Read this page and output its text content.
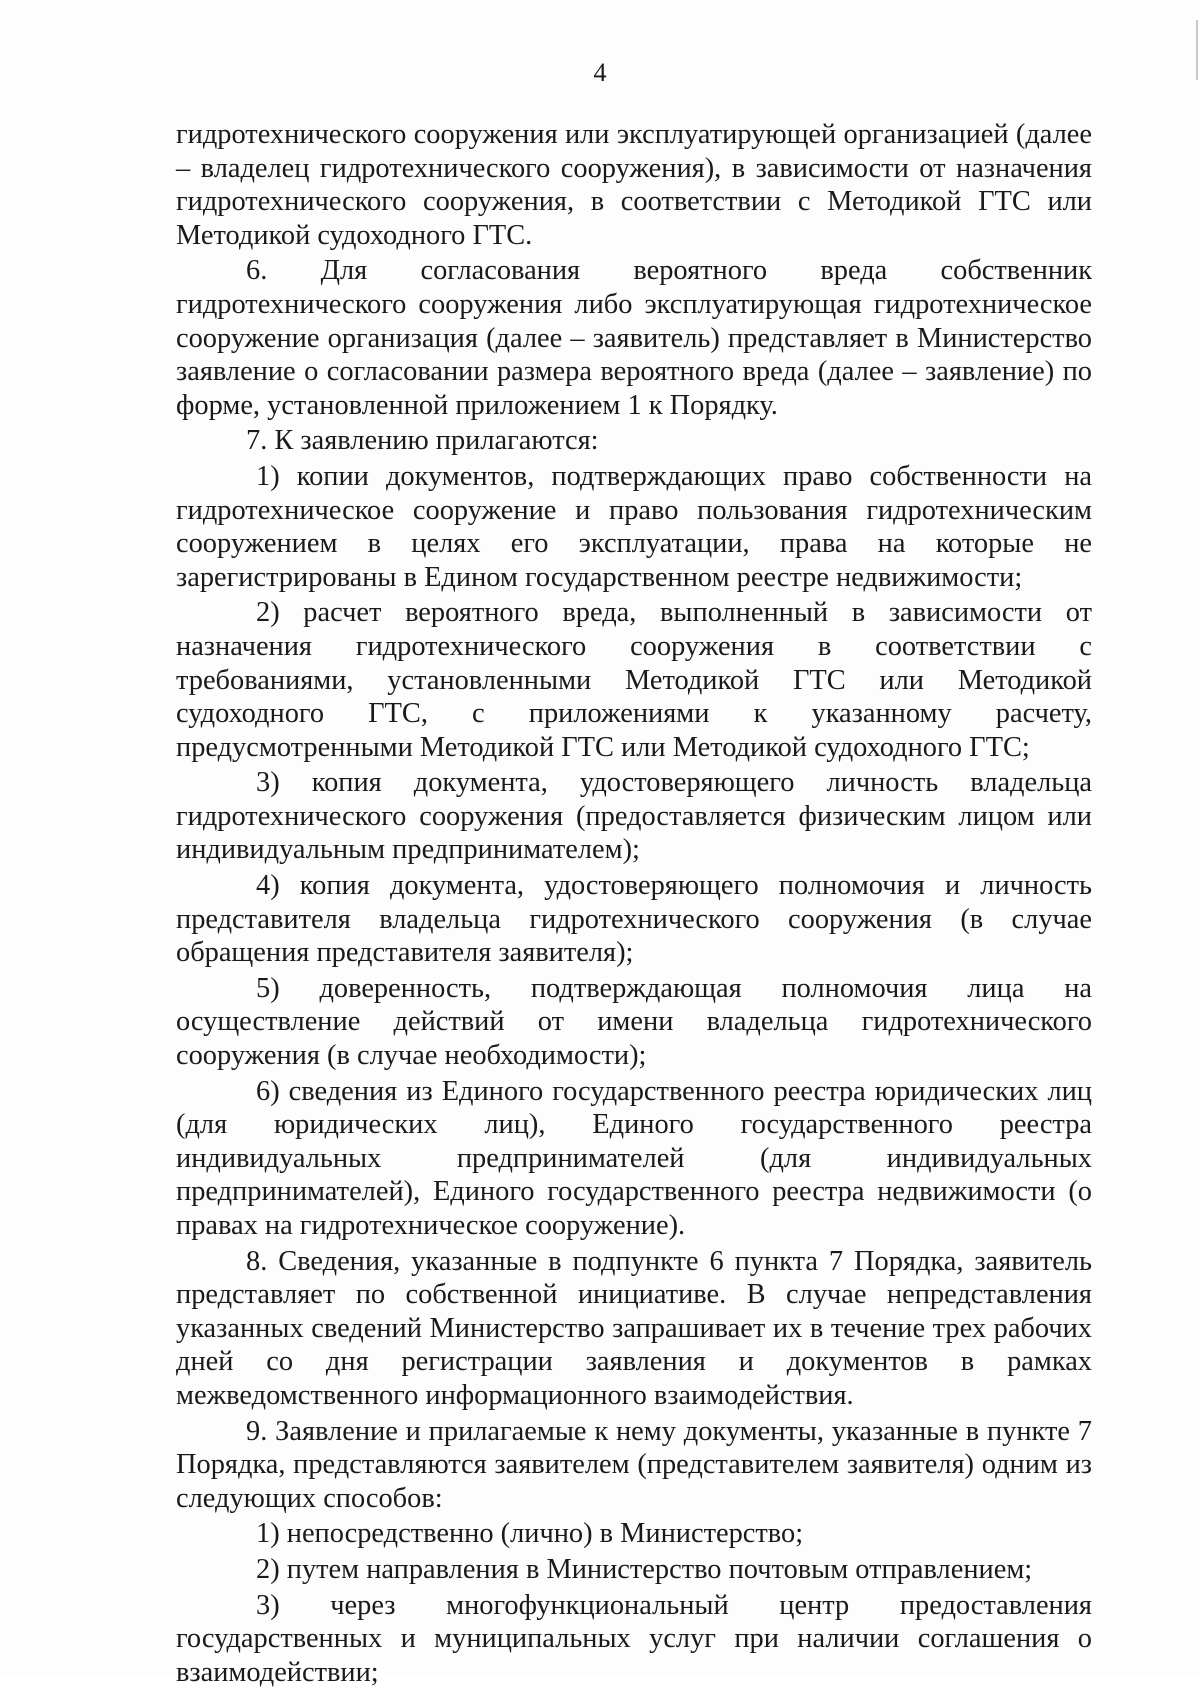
4

гидротехнического сооружения или эксплуатирующей организацией (далее – владелец гидротехнического сооружения), в зависимости от назначения гидротехнического сооружения, в соответствии с Методикой ГТС или Методикой судоходного ГТС.

6. Для согласования вероятного вреда собственник гидротехнического сооружения либо эксплуатирующая гидротехническое сооружение организация (далее – заявитель) представляет в Министерство заявление о согласовании размера вероятного вреда (далее – заявление) по форме, установленной приложением 1 к Порядку.

7. К заявлению прилагаются:

1) копии документов, подтверждающих право собственности на гидротехническое сооружение и право пользования гидротехническим сооружением в целях его эксплуатации, права на которые не зарегистрированы в Едином государственном реестре недвижимости;

2) расчет вероятного вреда, выполненный в зависимости от назначения гидротехнического сооружения в соответствии с требованиями, установленными Методикой ГТС или Методикой судоходного ГТС, с приложениями к указанному расчету, предусмотренными Методикой ГТС или Методикой судоходного ГТС;

3) копия документа, удостоверяющего личность владельца гидротехнического сооружения (предоставляется физическим лицом или индивидуальным предпринимателем);

4) копия документа, удостоверяющего полномочия и личность представителя владельца гидротехнического сооружения (в случае обращения представителя заявителя);

5) доверенность, подтверждающая полномочия лица на осуществление действий от имени владельца гидротехнического сооружения (в случае необходимости);

6) сведения из Единого государственного реестра юридических лиц (для юридических лиц), Единого государственного реестра индивидуальных предпринимателей (для индивидуальных предпринимателей), Единого государственного реестра недвижимости (о правах на гидротехническое сооружение).

8. Сведения, указанные в подпункте 6 пункта 7 Порядка, заявитель представляет по собственной инициативе. В случае непредставления указанных сведений Министерство запрашивает их в течение трех рабочих дней со дня регистрации заявления и документов в рамках межведомственного информационного взаимодействия.

9. Заявление и прилагаемые к нему документы, указанные в пункте 7 Порядка, представляются заявителем (представителем заявителя) одним из следующих способов:

1) непосредственно (лично) в Министерство;

2) путем направления в Министерство почтовым отправлением;

3) через многофункциональный центр предоставления государственных и муниципальных услуг при наличии соглашения о взаимодействии;
